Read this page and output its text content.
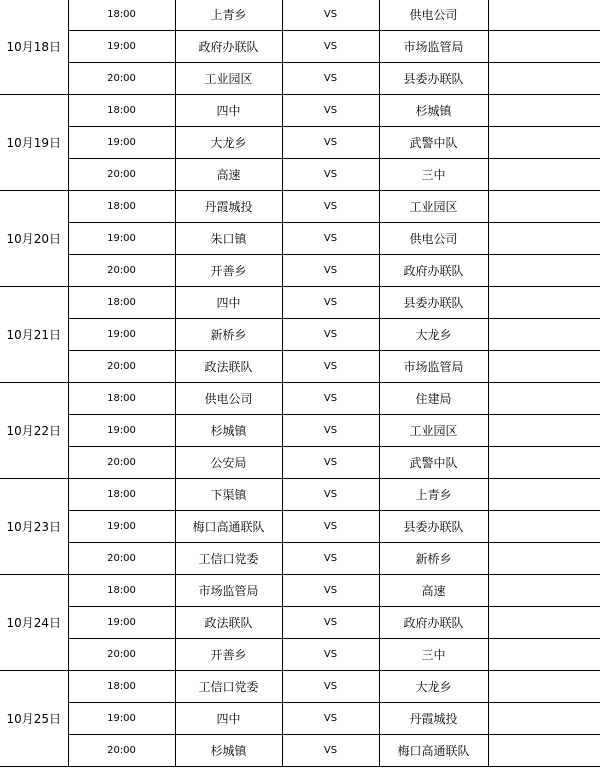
10月18日	18:00	上青乡	VS	供电公司	
	19:00	政府办联队	VS	市场监管局	
	20:00	工业园区	VS	县委办联队	
10月19日	18:00	四中	VS	杉城镇	
	19:00	大龙乡	VS	武警中队	
	20:00	高速	VS	三中	
10月20日	18:00	丹霞城投	VS	工业园区	
	19:00	朱口镇	VS	供电公司	
	20:00	开善乡	VS	政府办联队	
10月21日	18:00	四中	VS	县委办联队	
	19:00	新桥乡	VS	大龙乡	
	20:00	政法联队	VS	市场监管局	
10月22日	18:00	供电公司	VS	住建局	
	19:00	杉城镇	VS	工业园区	
	20:00	公安局	VS	武警中队	
10月23日	18:00	下渠镇	VS	上青乡	
	19:00	梅口高通联队	VS	县委办联队	
	20:00	工信口党委	VS	新桥乡	
10月24日	18:00	市场监管局	VS	高速	
	19:00	政法联队	VS	政府办联队	
	20:00	开善乡	VS	三中	
10月25日	18:00	工信口党委	VS	大龙乡	
	19:00	四中	VS	丹霞城投	
	20:00	杉城镇	VS	梅口高通联队	
